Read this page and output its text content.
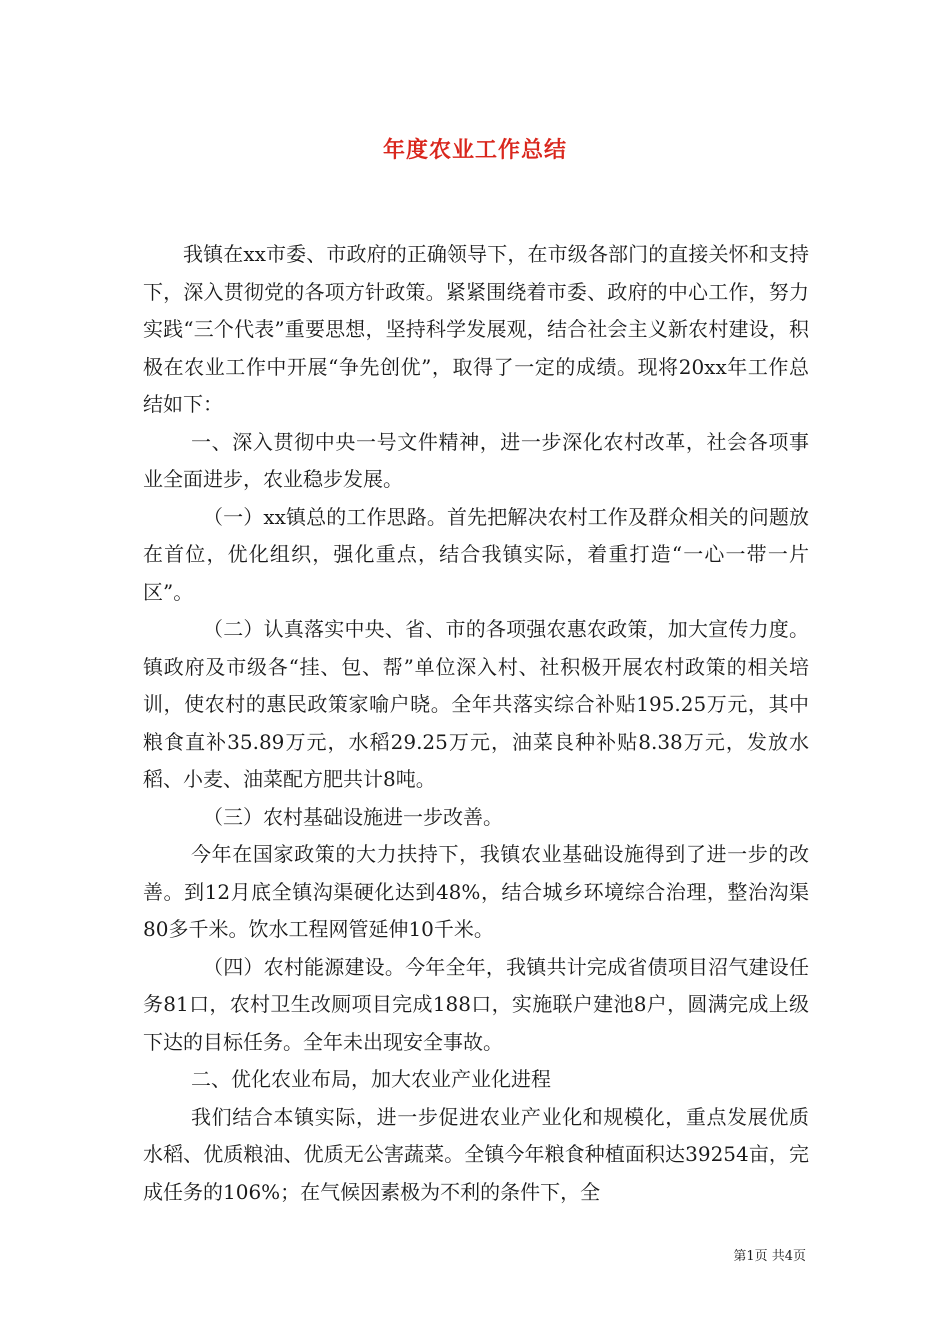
年度农业工作总结

我镇在xx市委、市政府的正确领导下，在市级各部门的直接关怀和支持下，深入贯彻党的各项方针政策。紧紧围绕着市委、政府的中心工作，努力实践“三个代表”重要思想，坚持科学发展观，结合社会主义新农村建设，积极在农业工作中开展“争先创优”，取得了一定的成绩。现将20xx年工作总结如下：

一、深入贯彻中央一号文件精神，进一步深化农村改革，社会各项事业全面进步，农业稳步发展。

（一）xx镇总的工作思路。首先把解决农村工作及群众相关的问题放在首位，优化组织，强化重点，结合我镇实际，着重打造“一心一带一片区”。

（二）认真落实中央、省、市的各项强农惠农政策，加大宣传力度。镇政府及市级各“挂、包、帮”单位深入村、社积极开展农村政策的相关培训，使农村的惠民政策家喻户晓。全年共落实综合补贴195.25万元，其中粮食直补35.89万元，水稻29.25万元，油菜良种补贴8.38万元，发放水稻、小麦、油菜配方肥共计8吨。

（三）农村基础设施进一步改善。

今年在国家政策的大力扶持下，我镇农业基础设施得到了进一步的改善。到12月底全镇沟渠硬化达到48%，结合城乡环境综合治理，整治沟渠80多千米。饮水工程网管延伸10千米。

（四）农村能源建设。今年全年，我镇共计完成省债项目沼气建设任务81口，农村卫生改厕项目完成188口，实施联户建池8户，圆满完成上级下达的目标任务。全年未出现安全事故。

二、优化农业布局，加大农业产业化进程

我们结合本镇实际，进一步促进农业产业化和规模化，重点发展优质水稻、优质粮油、优质无公害蔬菜。全镇今年粮食种植面积达39254亩，完成任务的106%；在气候因素极为不利的条件下，全

第1页 共4页
